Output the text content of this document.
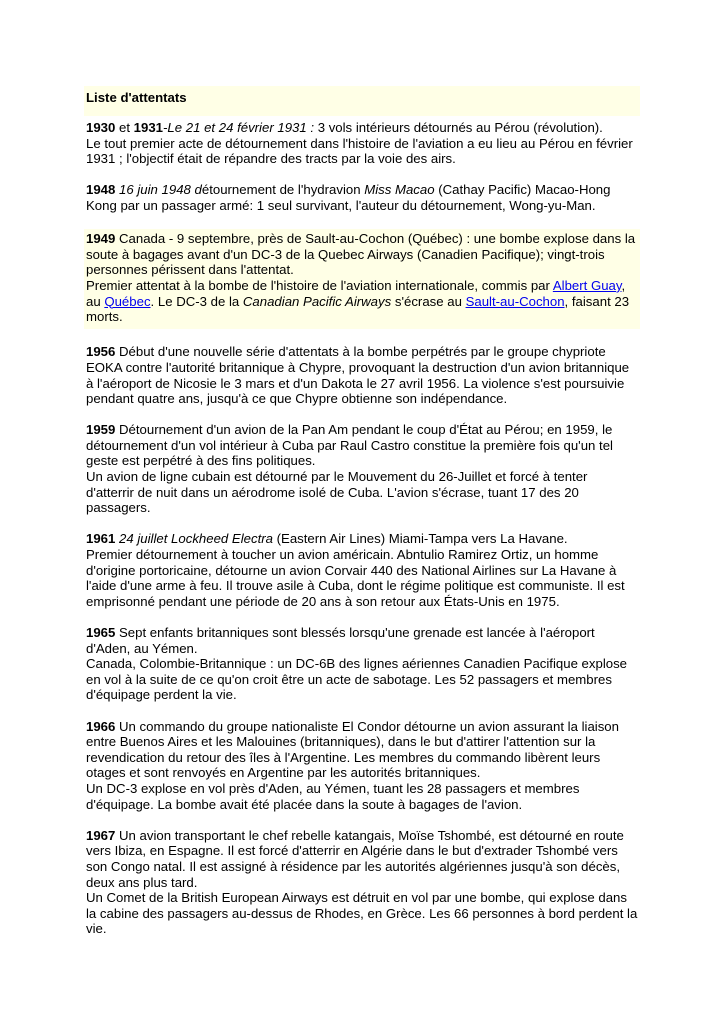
Liste d'attentats
1930 et 1931-Le 21 et 24 février 1931 : 3 vols intérieurs détournés au Pérou (révolution).
Le tout premier acte de détournement dans l'histoire de l'aviation a eu lieu au Pérou en février 1931 ; l'objectif était de répandre des tracts par la voie des airs.
1948 16 juin 1948 détournement de l'hydravion Miss Macao (Cathay Pacific) Macao-Hong Kong par un passager armé: 1 seul survivant, l'auteur du détournement, Wong-yu-Man.
1949 Canada - 9 septembre, près de Sault-au-Cochon (Québec) : une bombe explose dans la soute à bagages avant d'un DC-3 de la Quebec Airways (Canadien Pacifique); vingt-trois personnes périssent dans l'attentat.
Premier attentat à la bombe de l'histoire de l'aviation internationale, commis par Albert Guay, au Québec. Le DC-3 de la Canadian Pacific Airways s'écrase au Sault-au-Cochon, faisant 23 morts.
1956 Début d'une nouvelle série d'attentats à la bombe perpétrés par le groupe chypriote EOKA contre l'autorité britannique à Chypre, provoquant la destruction d'un avion britannique à l'aéroport de Nicosie le 3 mars et d'un Dakota le 27 avril 1956. La violence s'est poursuivie pendant quatre ans, jusqu'à ce que Chypre obtienne son indépendance.
1959 Détournement d'un avion de la Pan Am pendant le coup d'État au Pérou; en 1959, le détournement d'un vol intérieur à Cuba par Raul Castro constitue la première fois qu'un tel geste est perpétré à des fins politiques.
Un avion de ligne cubain est détourné par le Mouvement du 26-Juillet et forcé à tenter d'atterrir de nuit dans un aérodrome isolé de Cuba. L'avion s'écrase, tuant 17 des 20 passagers.
1961 24 juillet Lockheed Electra (Eastern Air Lines) Miami-Tampa vers La Havane.
Premier détournement à toucher un avion américain. Abntulio Ramirez Ortiz, un homme d'origine portoricaine, détourne un avion Corvair 440 des National Airlines sur La Havane à l'aide d'une arme à feu. Il trouve asile à Cuba, dont le régime politique est communiste. Il est emprisonné pendant une période de 20 ans à son retour aux États-Unis en 1975.
1965 Sept enfants britanniques sont blessés lorsqu'une grenade est lancée à l'aéroport d'Aden, au Yémen.
Canada, Colombie-Britannique : un DC-6B des lignes aériennes Canadien Pacifique explose en vol à la suite de ce qu'on croit être un acte de sabotage. Les 52 passagers et membres d'équipage perdent la vie.
1966 Un commando du groupe nationaliste El Condor détourne un avion assurant la liaison entre Buenos Aires et les Malouines (britanniques), dans le but d'attirer l'attention sur la revendication du retour des îles à l'Argentine. Les membres du commando libèrent leurs otages et sont renvoyés en Argentine par les autorités britanniques.
Un DC-3 explose en vol près d'Aden, au Yémen, tuant les 28 passagers et membres d'équipage. La bombe avait été placée dans la soute à bagages de l'avion.
1967 Un avion transportant le chef rebelle katangais, Moïse Tshombé, est détourné en route vers Ibiza, en Espagne. Il est forcé d'atterrir en Algérie dans le but d'extrader Tshombé vers son Congo natal. Il est assigné à résidence par les autorités algériennes jusqu'à son décès, deux ans plus tard.
Un Comet de la British European Airways est détruit en vol par une bombe, qui explose dans la cabine des passagers au-dessus de Rhodes, en Grèce. Les 66 personnes à bord perdent la vie.
